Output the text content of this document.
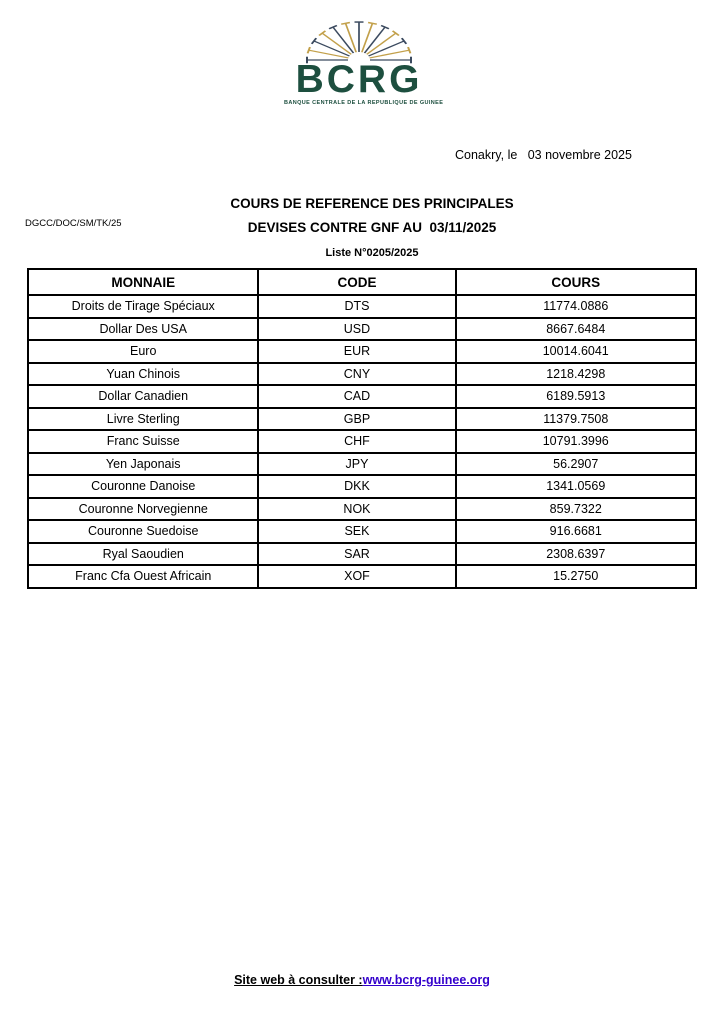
BCRG
BANQUE CENTRALE DE LA REPUBLIQUE DE GUINEE
Conakry, le   03 novembre 2025
DGCC/DOC/SM/TK/25
COURS DE REFERENCE DES PRINCIPALES
DEVISES CONTRE GNF AU  03/11/2025
Liste N°0205/2025
MONNAIE	CODE	COURS
Droits de Tirage Spéciaux	DTS	11774.0886
Dollar Des USA	USD	8667.6484
Euro	EUR	10014.6041
Yuan Chinois	CNY	1218.4298
Dollar Canadien	CAD	6189.5913
Livre Sterling	GBP	11379.7508
Franc Suisse	CHF	10791.3996
Yen Japonais	JPY	56.2907
Couronne Danoise	DKK	1341.0569
Couronne Norvegienne	NOK	859.7322
Couronne Suedoise	SEK	916.6681
Ryal Saoudien	SAR	2308.6397
Franc Cfa Ouest Africain	XOF	15.2750
Site web à consulter :www.bcrg-guinee.org
